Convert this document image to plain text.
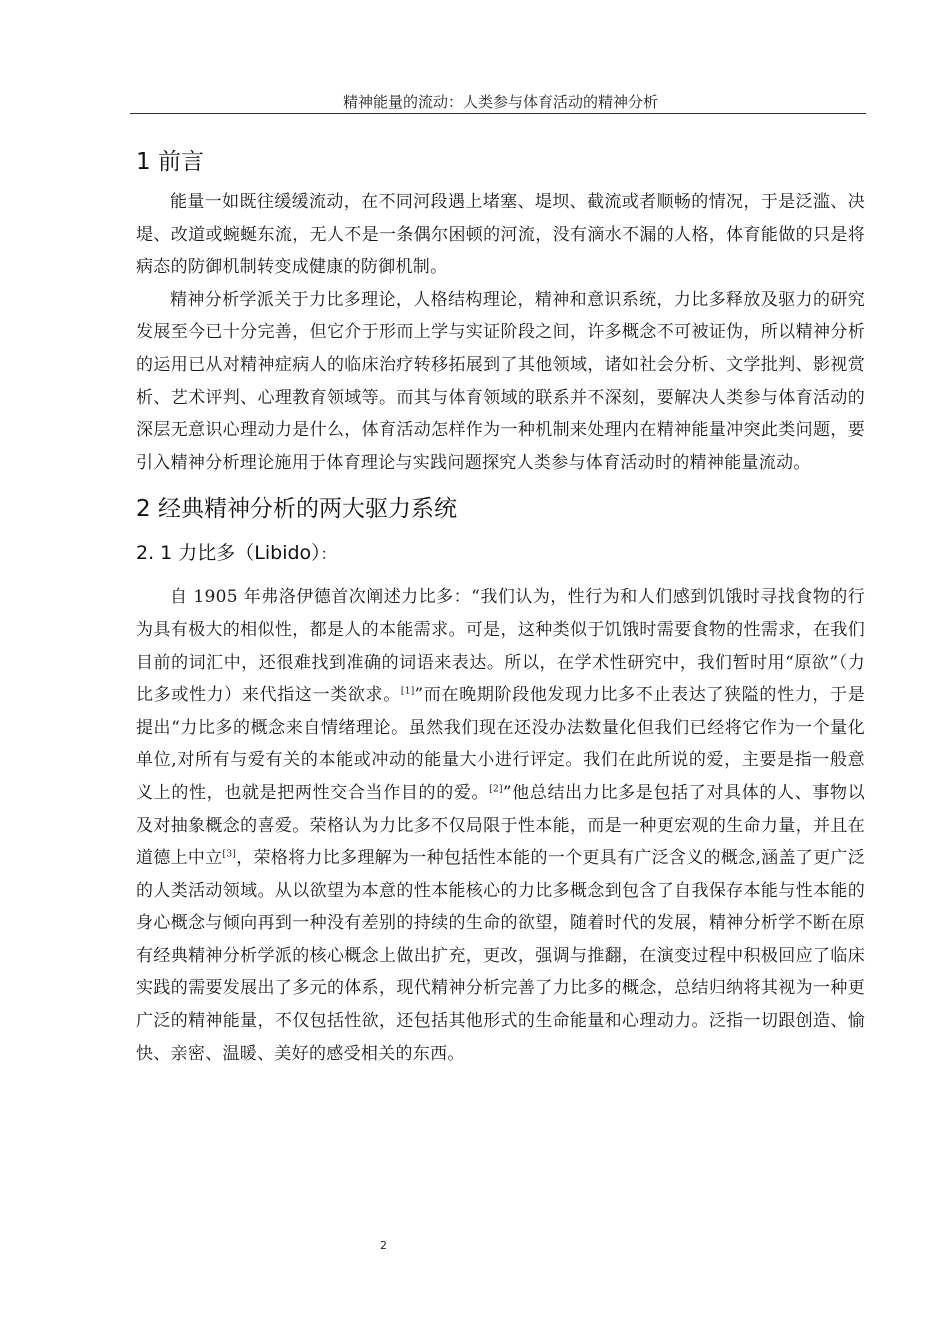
精神能量的流动：人类参与体育活动的精神分析
1 前言

能量一如既往缓缓流动，在不同河段遇上堵塞、堤坝、截流或者顺畅的情况，于是泛滥、决堤、改道或蜿蜒东流，无人不是一条偶尔困顿的河流，没有滴水不漏的人格，体育能做的只是将病态的防御机制转变成健康的防御机制。

精神分析学派关于力比多理论，人格结构理论，精神和意识系统，力比多释放及驱力的研究发展至今已十分完善，但它介于形而上学与实证阶段之间，许多概念不可被证伪，所以精神分析的运用已从对精神症病人的临床治疗转移拓展到了其他领域，诸如社会分析、文学批判、影视赏析、艺术评判、心理教育领域等。而其与体育领域的联系并不深刻，要解决人类参与体育活动的深层无意识心理动力是什么，体育活动怎样作为一种机制来处理内在精神能量冲突此类问题，要引入精神分析理论施用于体育理论与实践问题探究人类参与体育活动时的精神能量流动。

2 经典精神分析的两大驱力系统
2. 1 力比多（Libido）：

自 1905 年弗洛伊德首次阐述力比多：“我们认为，性行为和人们感到饥饿时寻找食物的行为具有极大的相似性，都是人的本能需求。可是，这种类似于饥饿时需要食物的性需求，在我们目前的词汇中，还很难找到准确的词语来表达。所以，在学术性研究中，我们暂时用“原欲”（力比多或性力）来代指这一类欲求。[1]”而在晚期阶段他发现力比多不止表达了狭隘的性力，于是提出“力比多的概念来自情绪理论。虽然我们现在还没办法数量化但我们已经将它作为一个量化单位,对所有与爱有关的本能或冲动的能量大小进行评定。我们在此所说的爱，主要是指一般意义上的性，也就是把两性交合当作目的的爱。[2]”他总结出力比多是包括了对具体的人、事物以及对抽象概念的喜爱。荣格认为力比多不仅局限于性本能，而是一种更宏观的生命力量，并且在道德上中立[3]，荣格将力比多理解为一种包括性本能的一个更具有广泛含义的概念,涵盖了更广泛的人类活动领域。从以欲望为本意的性本能核心的力比多概念到包含了自我保存本能与性本能的身心概念与倾向再到一种没有差别的持续的生命的欲望，随着时代的发展，精神分析学不断在原有经典精神分析学派的核心概念上做出扩充，更改，强调与推翻，在演变过程中积极回应了临床实践的需要发展出了多元的体系，现代精神分析完善了力比多的概念，总结归纳将其视为一种更广泛的精神能量，不仅包括性欲，还包括其他形式的生命能量和心理动力。泛指一切跟创造、愉快、亲密、温暖、美好的感受相关的东西。

2
